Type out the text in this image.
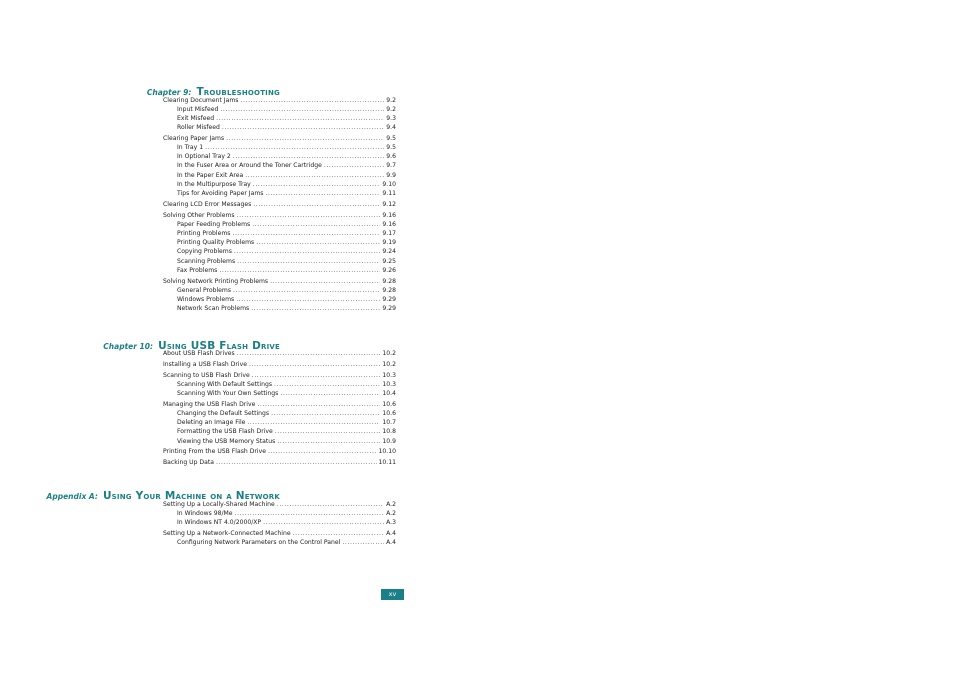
Chapter 9: Troubleshooting
Clearing Document Jams .....	9.2
Input Misfeed .....	9.2
Exit Misfeed .....	9.3
Roller Misfeed .....	9.4
Clearing Paper Jams .....	9.5
In Tray 1 .....	9.5
In Optional Tray 2 .....	9.6
In the Fuser Area or Around the Toner Cartridge .....	9.7
In the Paper Exit Area .....	9.9
In the Multipurpose Tray .....	9.10
Tips for Avoiding Paper Jams .....	9.11
Clearing LCD Error Messages .....	9.12
Solving Other Problems .....	9.16
Paper Feeding Problems .....	9.16
Printing Problems .....	9.17
Printing Quality Problems .....	9.19
Copying Problems .....	9.24
Scanning Problems .....	9.25
Fax Problems .....	9.26
Solving Network Printing Problems .....	9.28
General Problems .....	9.28
Windows Problems .....	9.29
Network Scan Problems .....	9.29
Chapter 10: Using USB Flash Drive
About USB Flash Drives .....	10.2
Installing a USB Flash Drive .....	10.2
Scanning to USB Flash Drive .....	10.3
Scanning With Default Settings .....	10.3
Scanning With Your Own Settings .....	10.4
Managing the USB Flash Drive .....	10.6
Changing the Default Settings .....	10.6
Deleting an Image File .....	10.7
Formatting the USB Flash Drive .....	10.8
Viewing the USB Memory Status .....	10.9
Printing From the USB Flash Drive .....	10.10
Backing Up Data .....	10.11
Appendix A: Using Your Machine on a Network
Setting Up a Locally-Shared Machine .....	A.2
In Windows 98/Me .....	A.2
In Windows NT 4.0/2000/XP .....	A.3
Setting Up a Network-Connected Machine .....	A.4
Configuring Network Parameters on the Control Panel .....	A.4
xv
